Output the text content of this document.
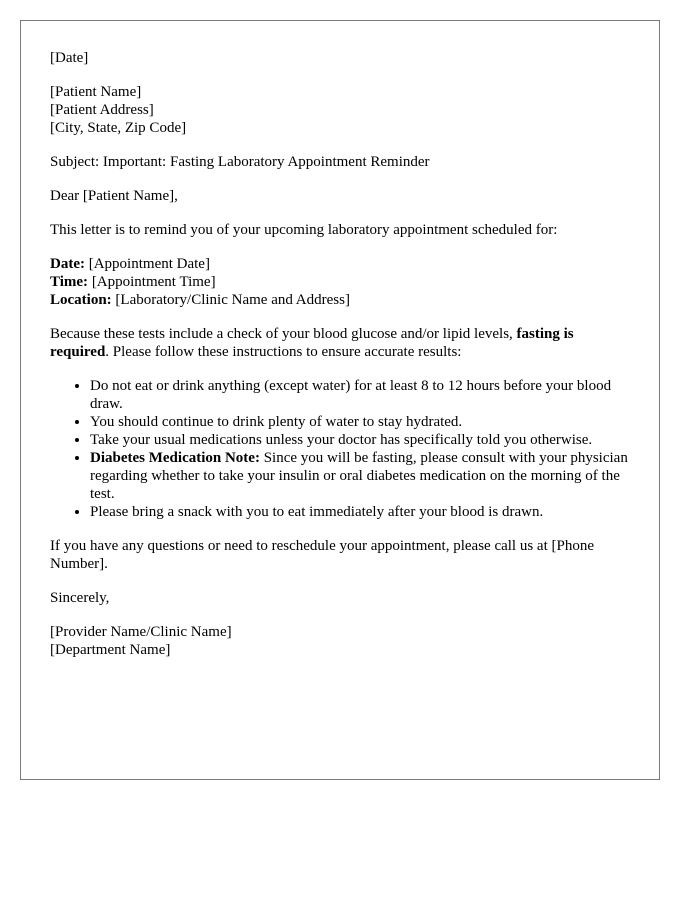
[Date]

[Patient Name]
[Patient Address]
[City, State, Zip Code]

Subject: Important: Fasting Laboratory Appointment Reminder

Dear [Patient Name],

This letter is to remind you of your upcoming laboratory appointment scheduled for:

Date: [Appointment Date]
Time: [Appointment Time]
Location: [Laboratory/Clinic Name and Address]

Because these tests include a check of your blood glucose and/or lipid levels, fasting is required. Please follow these instructions to ensure accurate results:

• Do not eat or drink anything (except water) for at least 8 to 12 hours before your blood draw.
• You should continue to drink plenty of water to stay hydrated.
• Take your usual medications unless your doctor has specifically told you otherwise.
• Diabetes Medication Note: Since you will be fasting, please consult with your physician regarding whether to take your insulin or oral diabetes medication on the morning of the test.
• Please bring a snack with you to eat immediately after your blood is drawn.

If you have any questions or need to reschedule your appointment, please call us at [Phone Number].

Sincerely,

[Provider Name/Clinic Name]
[Department Name]
